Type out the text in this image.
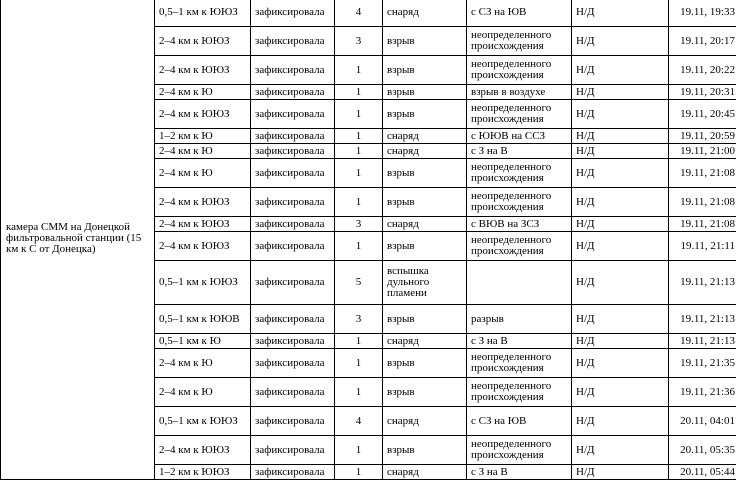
камера СММ на Донецкой фильтровальной станции (15 км к С от Донецка)	0,5–1 км к ЮЮЗ	зафиксировала	4	снаряд	с СЗ на ЮВ	Н/Д	19.11, 19:33
	2–4 км к ЮЮЗ	зафиксировала	3	взрыв	неопределенного происхождения	Н/Д	19.11, 20:17
	2–4 км к ЮЮЗ	зафиксировала	1	взрыв	неопределенного происхождения	Н/Д	19.11, 20:22
	2–4 км к Ю	зафиксировала	1	взрыв	взрыв в воздухе	Н/Д	19.11, 20:31
	2–4 км к ЮЮЗ	зафиксировала	1	взрыв	неопределенного происхождения	Н/Д	19.11, 20:45
	1–2 км к Ю	зафиксировала	1	снаряд	с ЮЮВ на ССЗ	Н/Д	19.11, 20:59
	2–4 км к Ю	зафиксировала	1	снаряд	с З на В	Н/Д	19.11, 21:00
	2–4 км к Ю	зафиксировала	1	взрыв	неопределенного происхождения	Н/Д	19.11, 21:08
	2–4 км к ЮЮЗ	зафиксировала	1	взрыв	неопределенного происхождения	Н/Д	19.11, 21:08
	2–4 км к ЮЮЗ	зафиксировала	3	снаряд	с ВЮВ на ЗСЗ	Н/Д	19.11, 21:08
	2–4 км к ЮЮЗ	зафиксировала	1	взрыв	неопределенного происхождения	Н/Д	19.11, 21:11
	0,5–1 км к ЮЮЗ	зафиксировала	5	вспышка дульного пламени		Н/Д	19.11, 21:13
	0,5–1 км к ЮЮВ	зафиксировала	3	взрыв	разрыв	Н/Д	19.11, 21:13
	0,5–1 км к Ю	зафиксировала	1	снаряд	с З на В	Н/Д	19.11, 21:13
	2–4 км к Ю	зафиксировала	1	взрыв	неопределенного происхождения	Н/Д	19.11, 21:35
	2–4 км к Ю	зафиксировала	1	взрыв	неопределенного происхождения	Н/Д	19.11, 21:36
	0,5–1 км к ЮЮЗ	зафиксировала	4	снаряд	с СЗ на ЮВ	Н/Д	20.11, 04:01
	2–4 км к ЮЮЗ	зафиксировала	1	взрыв	неопределенного происхождения	Н/Д	20.11, 05:35
	1–2 км к ЮЮЗ	зафиксировала	1	снаряд	с З на В	Н/Д	20.11, 05:44
